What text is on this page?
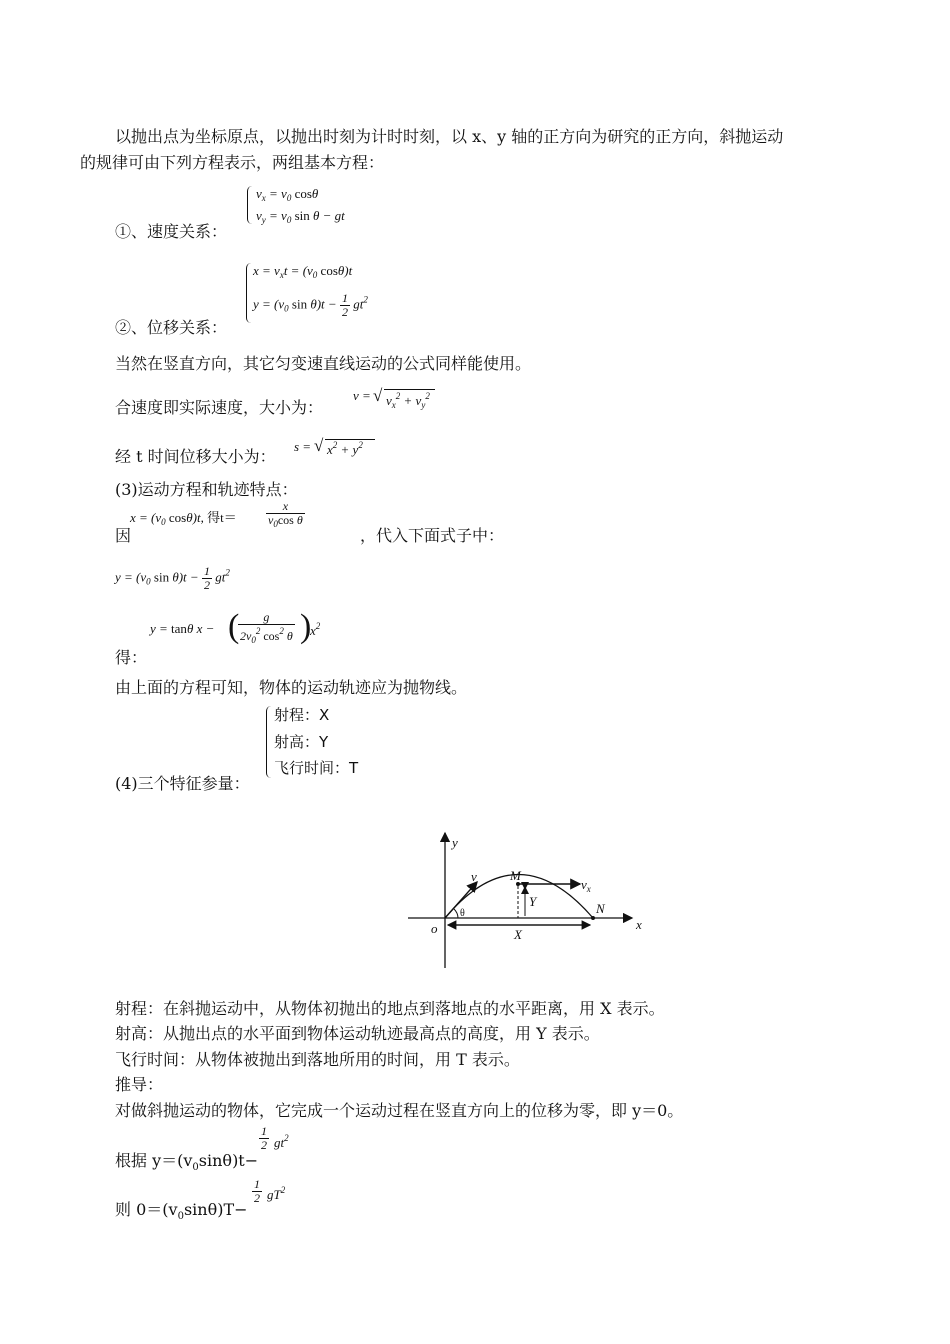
以抛出点为坐标原点，以抛出时刻为计时时刻，以 x、y 轴的正方向为研究的正方向，斜抛运动
的规律可由下列方程表示，两组基本方程：
①、速度关系：
$v_x = v_0$ cosθ
$v_y = v_0$ sin θ − gt
②、位移关系：
$x = v_xt = (v_0$ cosθ)t
$y = (v_0$ $\sin \theta)t - \frac{1}{2} gt^2$
当然在竖直方向，其它匀变速直线运动的公式同样能使用。
合速度即实际速度，大小为：
v = √ $v_x^2 + v_y^2$
经 t 时间位移大小为：
s = √ $x^2 + y^2$
(3)运动方程和轨迹特点：
因
$x = (v_0$ cosθ)t, 得$t= \frac{x}{v_0\cos \theta}$
，代入下面式子中：
$y = (v_0$ $\sin \theta)t - \frac{1}{2} gt^2$
y = tanθ x − (
$\frac{g}{2v_0^2 \cos^2 \theta}$ )
$x^2$
得：
由上面的方程可知，物体的运动轨迹应为抛物线。
(4)三个特征参量：
射程：X
射高：Y
飞行时间：T
y
x
o
v	M
$v_x$
Y	N
θ
X
射程：在斜抛运动中，从物体初抛出的地点到落地点的水平距离，用 X 表示。
射高：从抛出点的水平面到物体运动轨迹最高点的高度，用 Y 表示。
飞行时间：从物体被抛出到落地所用的时间，用 T 表示。
推导：
对做斜抛运动的物体，它完成一个运动过程在竖直方向上的位移为零，即 y＝0。
根据 $y=(v_0\sin\theta)t-$
$\frac{1}{2} gt^2$
则 $0=(v_0\sin\theta)T-$
$\frac{1}{2} gT^2$
